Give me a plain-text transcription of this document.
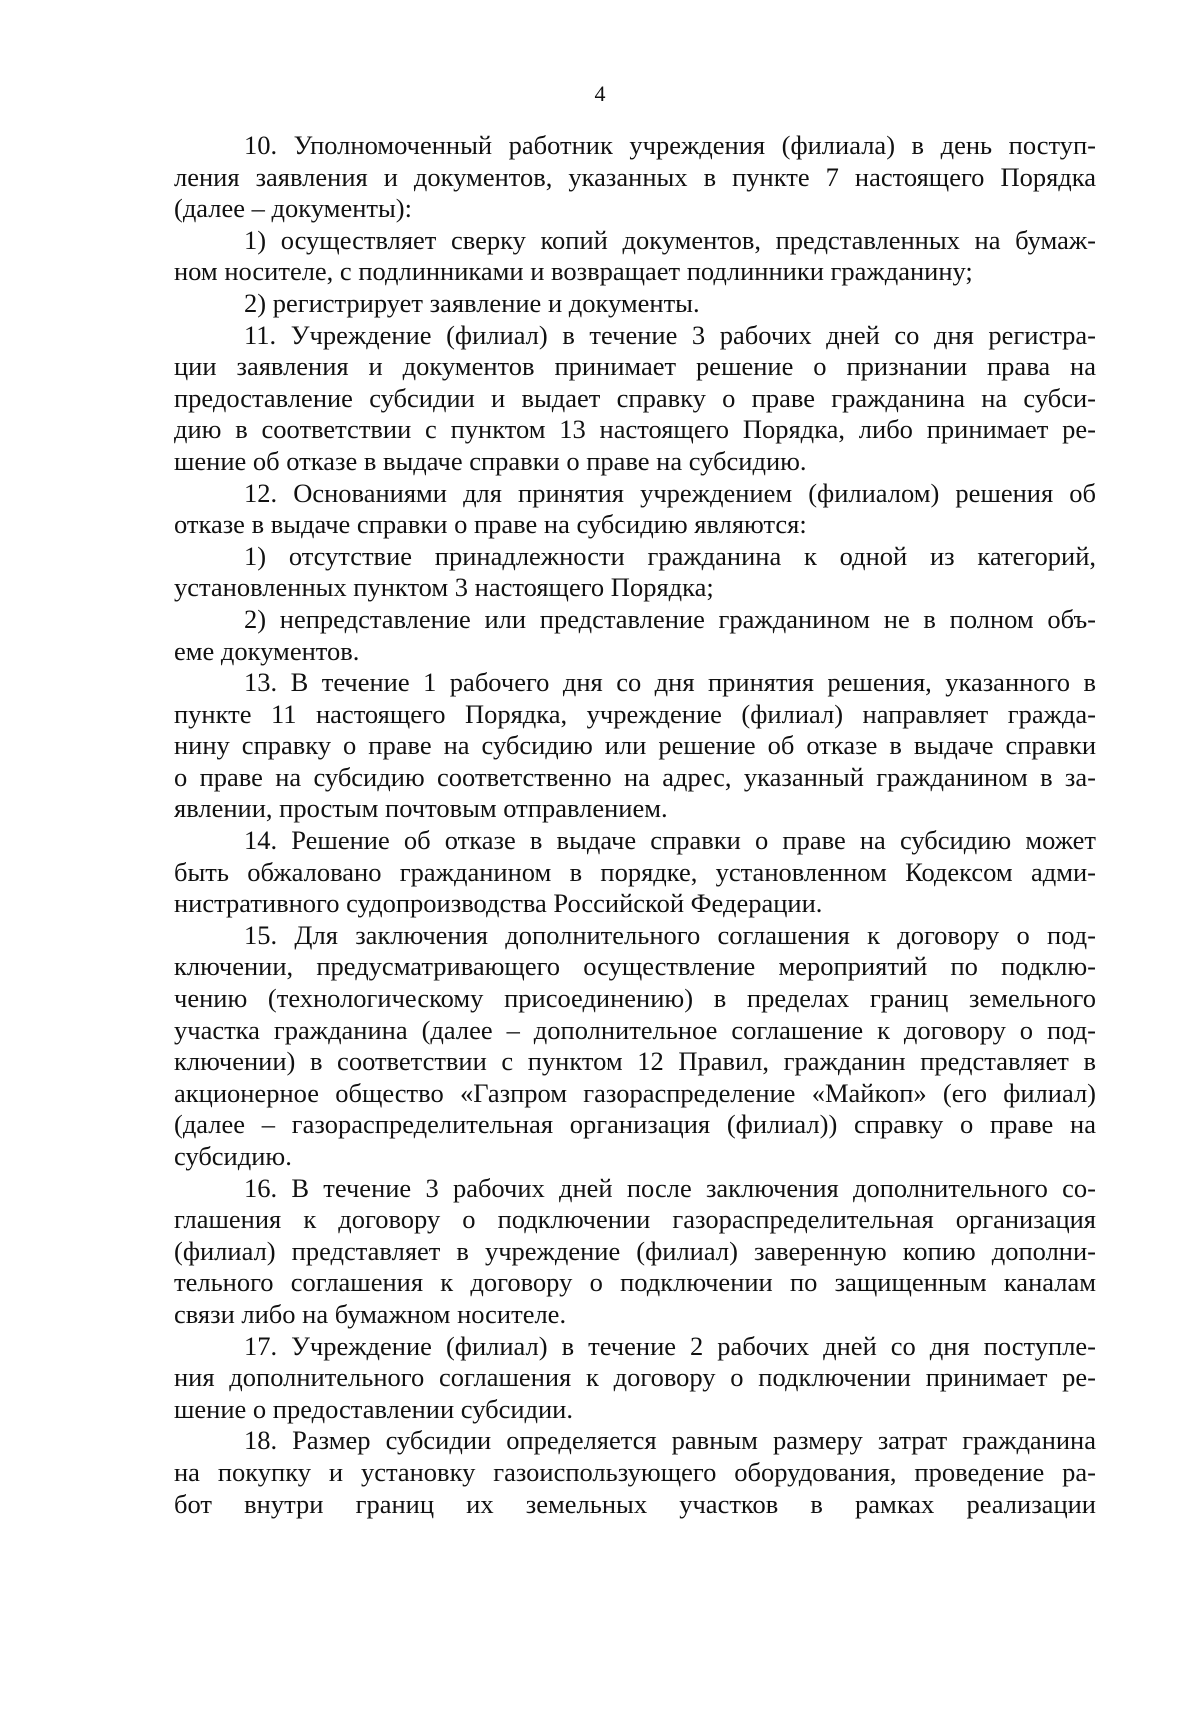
4
10. Уполномоченный работник учреждения (филиала) в день поступ-
ления заявления и документов, указанных в пункте 7 настоящего Порядка
(далее – документы):
1) осуществляет сверку копий документов, представленных на бумаж-
ном носителе, с подлинниками и возвращает подлинники гражданину;
2) регистрирует заявление и документы.
11. Учреждение (филиал) в течение 3 рабочих дней со дня регистра-
ции заявления и документов принимает решение о признании права на
предоставление субсидии и выдает справку о праве гражданина на субси-
дию в соответствии с пунктом 13 настоящего Порядка, либо принимает ре-
шение об отказе в выдаче справки о праве на субсидию.
12. Основаниями для принятия учреждением (филиалом) решения об
отказе в выдаче справки о праве на субсидию являются:
1) отсутствие принадлежности гражданина к одной из категорий,
установленных пунктом 3 настоящего Порядка;
2) непредставление или представление гражданином не в полном объ-
еме документов.
13. В течение 1 рабочего дня со дня принятия решения, указанного в
пункте 11 настоящего Порядка, учреждение (филиал) направляет гражда-
нину справку о праве на субсидию или решение об отказе в выдаче справки
о праве на субсидию соответственно на адрес, указанный гражданином в за-
явлении, простым почтовым отправлением.
14. Решение об отказе в выдаче справки о праве на субсидию может
быть обжаловано гражданином в порядке, установленном Кодексом адми-
нистративного судопроизводства Российской Федерации.
15. Для заключения дополнительного соглашения к договору о под-
ключении, предусматривающего осуществление мероприятий по подклю-
чению (технологическому присоединению) в пределах границ земельного
участка гражданина (далее – дополнительное соглашение к договору о под-
ключении) в соответствии с пунктом 12 Правил, гражданин представляет в
акционерное общество «Газпром газораспределение «Майкоп» (его филиал)
(далее – газораспределительная организация (филиал)) справку о праве на
субсидию.
16. В течение 3 рабочих дней после заключения дополнительного со-
глашения к договору о подключении газораспределительная организация
(филиал) представляет в учреждение (филиал) заверенную копию дополни-
тельного соглашения к договору о подключении по защищенным каналам
связи либо на бумажном носителе.
17. Учреждение (филиал) в течение 2 рабочих дней со дня поступле-
ния дополнительного соглашения к договору о подключении принимает ре-
шение о предоставлении субсидии.
18. Размер субсидии определяется равным размеру затрат гражданина
на покупку и установку газоиспользующего оборудования, проведение ра-
бот внутри границ их земельных участков в рамках реализации
